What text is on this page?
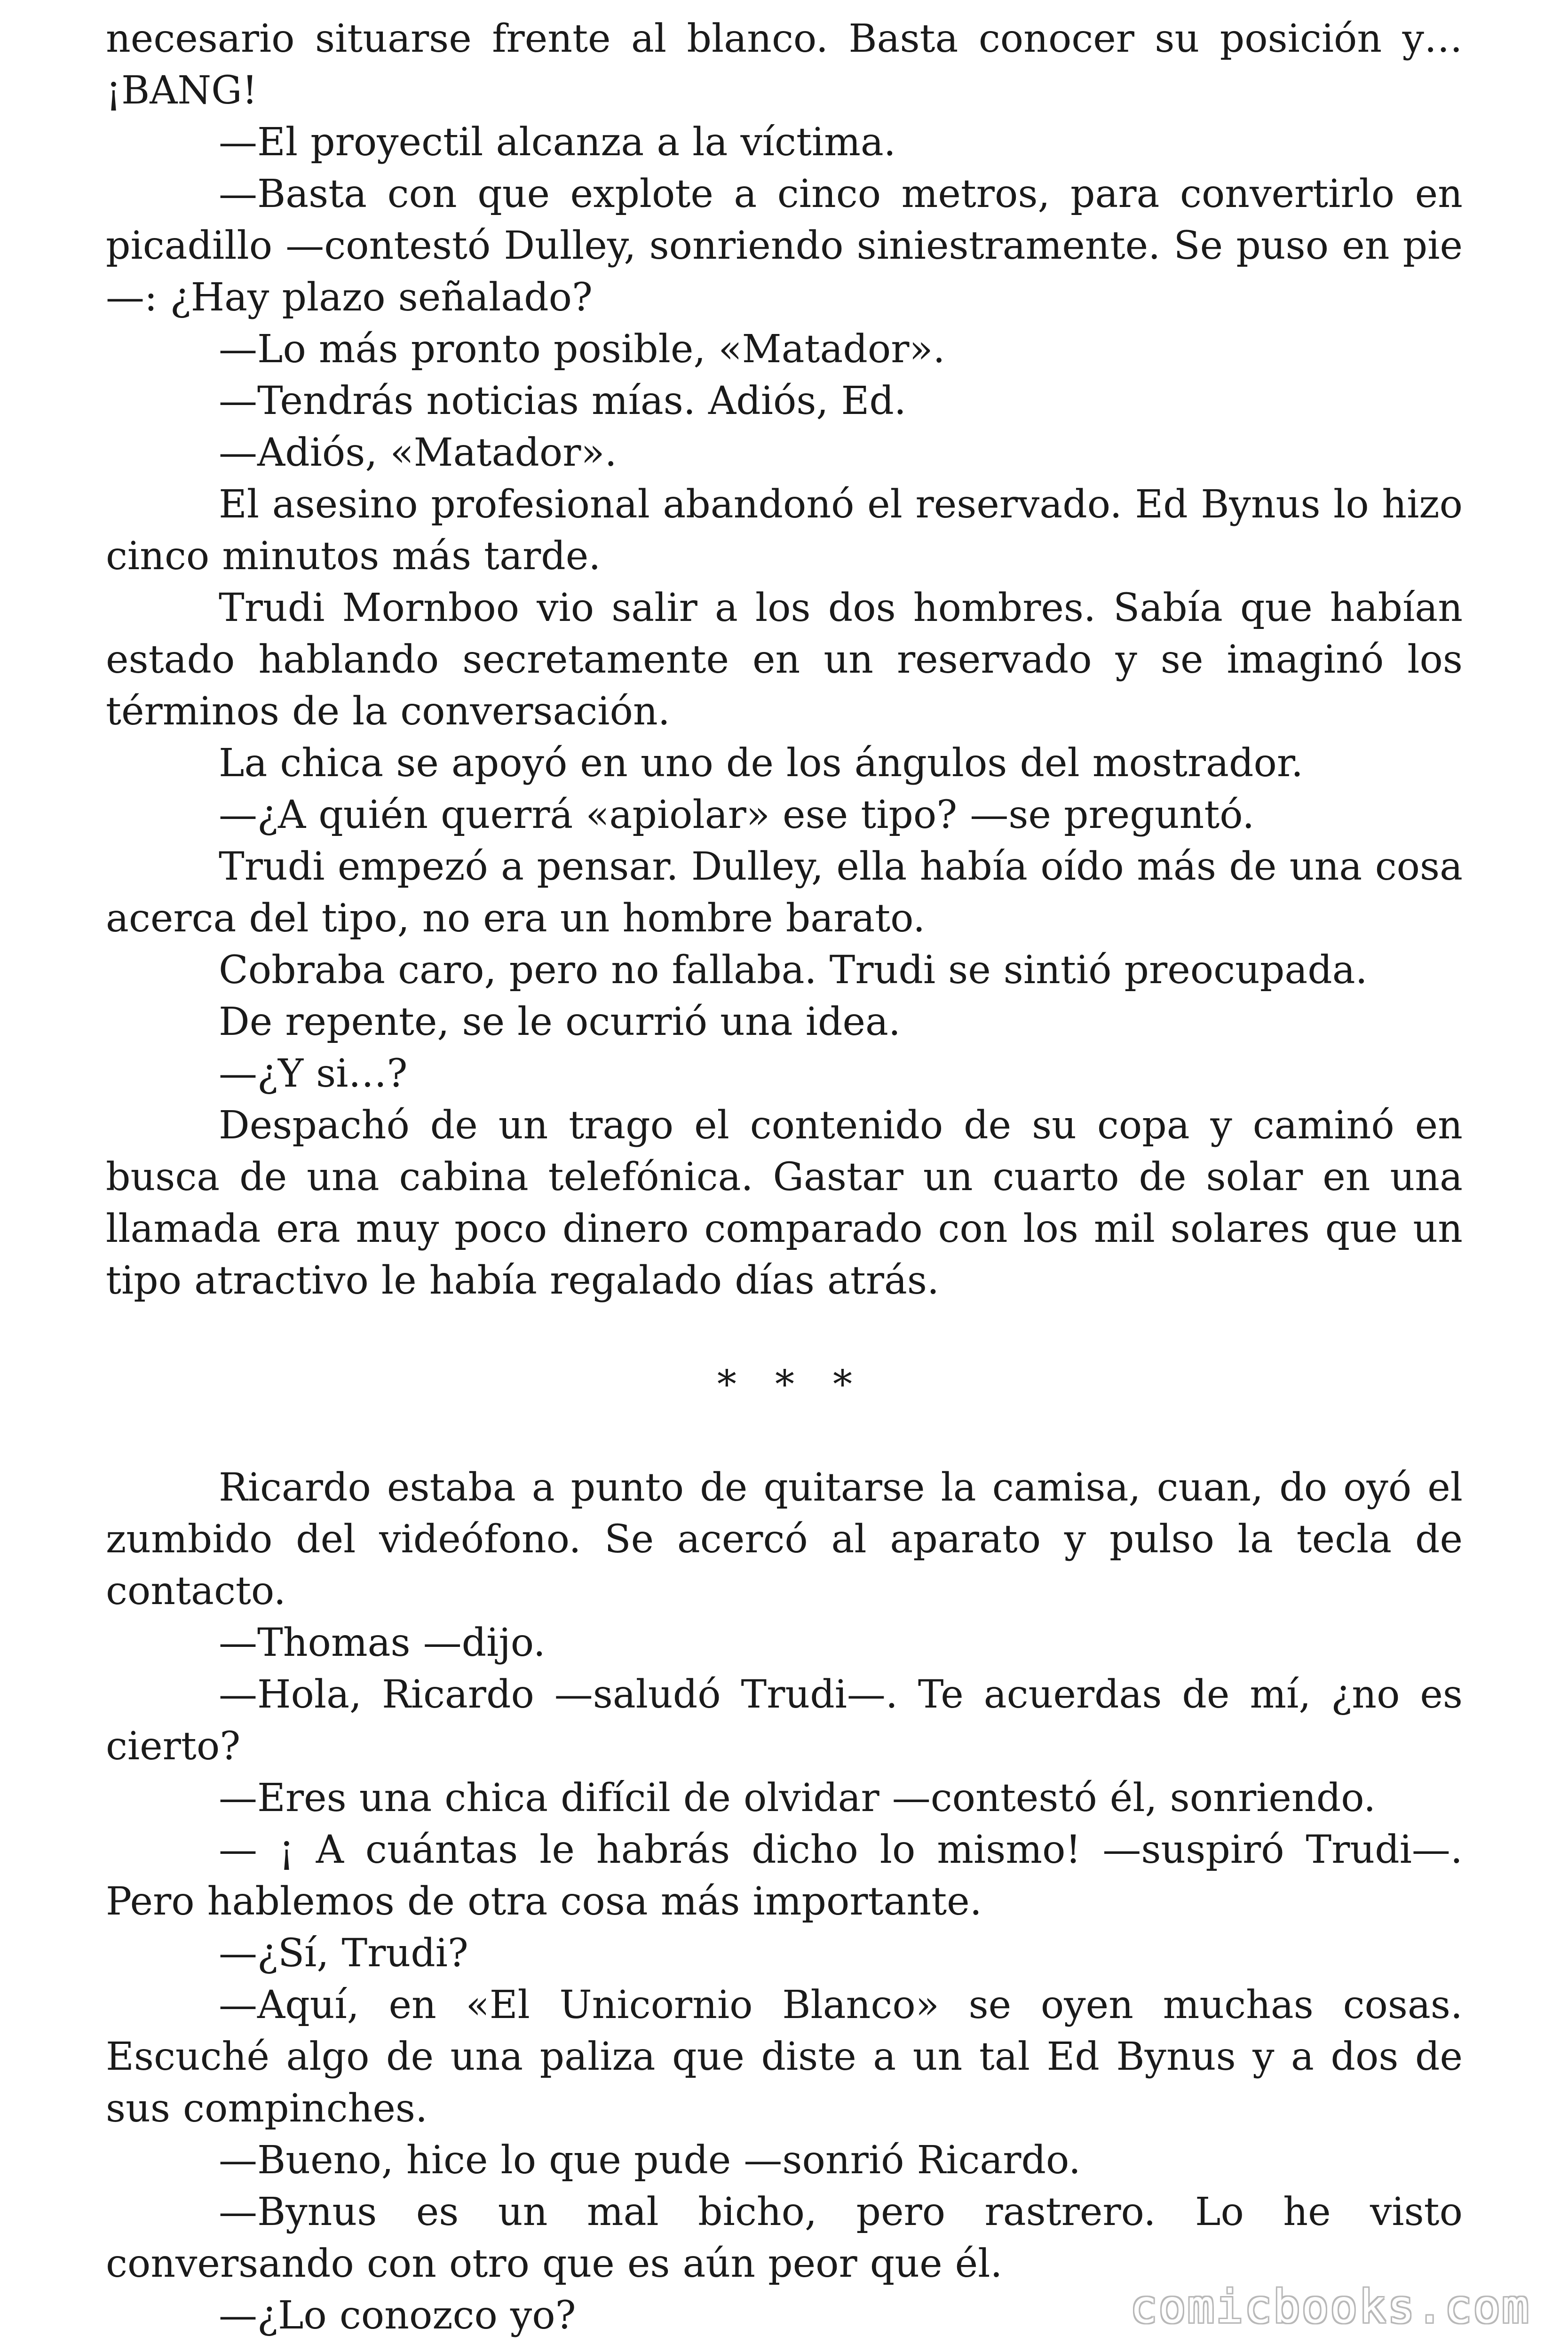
necesario situarse frente al blanco. Basta conocer su posición y… ¡BANG!

—El proyectil alcanza a la víctima.

—Basta con que explote a cinco metros, para convertirlo en picadillo —contestó Dulley, sonriendo siniestramente. Se puso en pie —: ¿Hay plazo señalado?

—Lo más pronto posible, «Matador».

—Tendrás noticias mías. Adiós, Ed.

—Adiós, «Matador».

El asesino profesional abandonó el reservado. Ed Bynus lo hizo cinco minutos más tarde.

Trudi Mornboo vio salir a los dos hombres. Sabía que habían estado hablando secretamente en un reservado y se imaginó los términos de la conversación.

La chica se apoyó en uno de los ángulos del mostrador.

—¿A quién querrá «apiolar» ese tipo? —se preguntó.

Trudi empezó a pensar. Dulley, ella había oído más de una cosa acerca del tipo, no era un hombre barato.

Cobraba caro, pero no fallaba. Trudi se sintió preocupada.

De repente, se le ocurrió una idea.

—¿Y si…?

Despachó de un trago el contenido de su copa y caminó en busca de una cabina telefónica. Gastar un cuarto de solar en una llamada era muy poco dinero comparado con los mil solares que un tipo atractivo le había regalado días atrás.

* * *

Ricardo estaba a punto de quitarse la camisa, cuan, do oyó el zumbido del videófono. Se acercó al aparato y pulso la tecla de contacto.

—Thomas —dijo.

—Hola, Ricardo —saludó Trudi—. Te acuerdas de mí, ¿no es cierto?

—Eres una chica difícil de olvidar —contestó él, sonriendo.

— ¡ A cuántas le habrás dicho lo mismo! —suspiró Trudi—. Pero hablemos de otra cosa más importante.

—¿Sí, Trudi?

—Aquí, en «El Unicornio Blanco» se oyen muchas cosas. Escuché algo de una paliza que diste a un tal Ed Bynus y a dos de sus compinches.

—Bueno, hice lo que pude —sonrió Ricardo.

—Bynus es un mal bicho, pero rastrero. Lo he visto conversando con otro que es aún peor que él.

—¿Lo conozco yo?	comicbooks.com
